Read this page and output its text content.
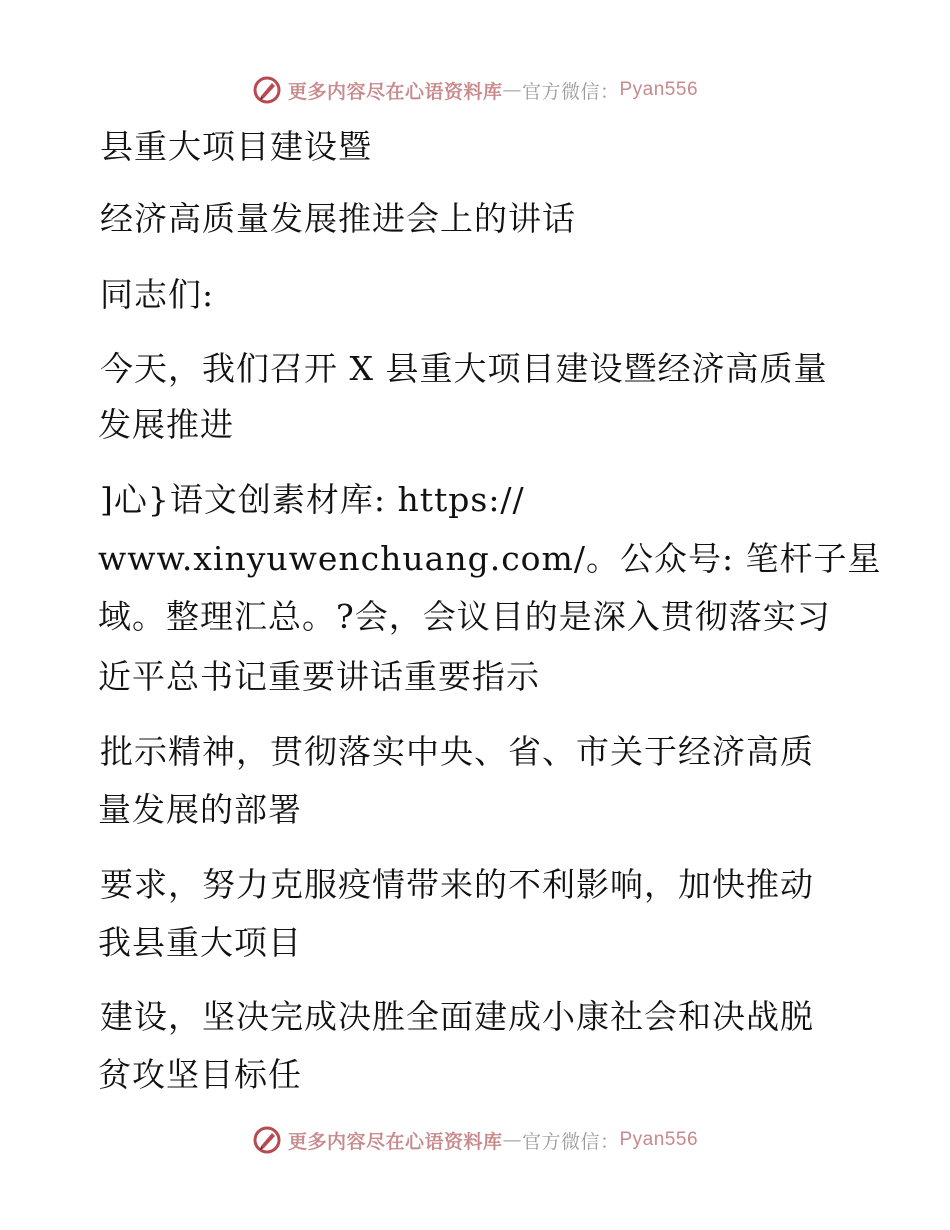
更多内容尽在心语资料库 — 官方微信： Pyan556
县重大项目建设暨
经济高质量发展推进会上的讲话
同志们:
今天，我们召开 X 县重大项目建设暨经济高质量
发展推进
]心}语文创素材库: https://
www.xinyuwenchuang.com/。公众号: 笔杆子星
域。整理汇总。?会，会议目的是深入贯彻落实习
近平总书记重要讲话重要指示
批示精神，贯彻落实中央、省、市关于经济高质
量发展的部署
要求，努力克服疫情带来的不利影响，加快推动
我县重大项目
建设，坚决完成决胜全面建成小康社会和决战脱
贫攻坚目标任
更多内容尽在心语资料库 — 官方微信： Pyan556
